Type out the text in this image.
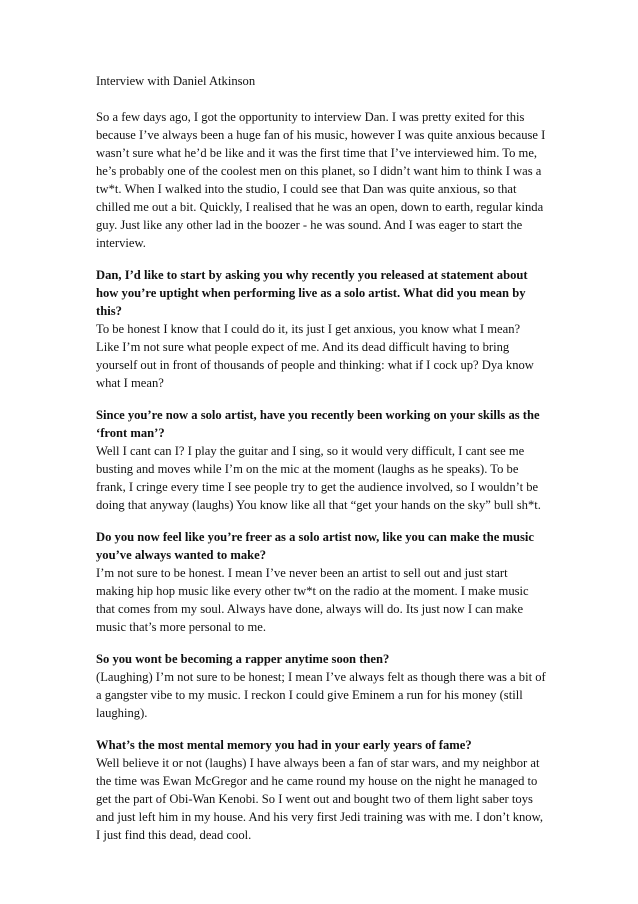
Interview with Daniel Atkinson

So a few days ago, I got the opportunity to interview Dan. I was pretty exited for this because I’ve always been a huge fan of his music, however I was quite anxious because I wasn’t sure what he’d be like and it was the first time that I’ve interviewed him. To me, he’s probably one of the coolest men on this planet, so I didn’t want him to think I was a tw*t. When I walked into the studio, I could see that Dan was quite anxious, so that chilled me out a bit. Quickly, I realised that he was an open, down to earth, regular kinda guy. Just like any other lad in the boozer - he was sound. And I was eager to start the interview.

Dan, I’d like to start by asking you why recently you released at statement about how you’re uptight when performing live as a solo artist. What did you mean by this?

To be honest I know that I could do it, its just I get anxious, you know what I mean? Like I’m not sure what people expect of me. And its dead difficult having to bring yourself out in front of thousands of people and thinking: what if I cock up? Dya know what I mean?

Since you’re now a solo artist, have you recently been working on your skills as the ‘front man’?

Well I cant can I? I play the guitar and I sing, so it would very difficult, I cant see me busting and moves while I’m on the mic at the moment (laughs as he speaks). To be frank, I cringe every time I see people try to get the audience involved, so I wouldn’t be doing that anyway (laughs) You know like all that “get your hands on the sky” bull sh*t.

Do you now feel like you’re freer as a solo artist now, like you can make the music you’ve always wanted to make?

I’m not sure to be honest. I mean I’ve never been an artist to sell out and just start making hip hop music like every other tw*t on the radio at the moment. I make music that comes from my soul. Always have done, always will do. Its just now I can make music that’s more personal to me.

So you wont be becoming a rapper anytime soon then?

(Laughing) I’m not sure to be honest; I mean I’ve always felt as though there was a bit of a gangster vibe to my music. I reckon I could give Eminem a run for his money (still laughing).

What’s the most mental memory you had in your early years of fame?

Well believe it or not (laughs) I have always been a fan of star wars, and my neighbor at the time was Ewan McGregor and he came round my house on the night he managed to get the part of Obi-Wan Kenobi. So I went out and bought two of them light saber toys and just left him in my house. And his very first Jedi training was with me. I don’t know, I just find this dead, dead cool.
